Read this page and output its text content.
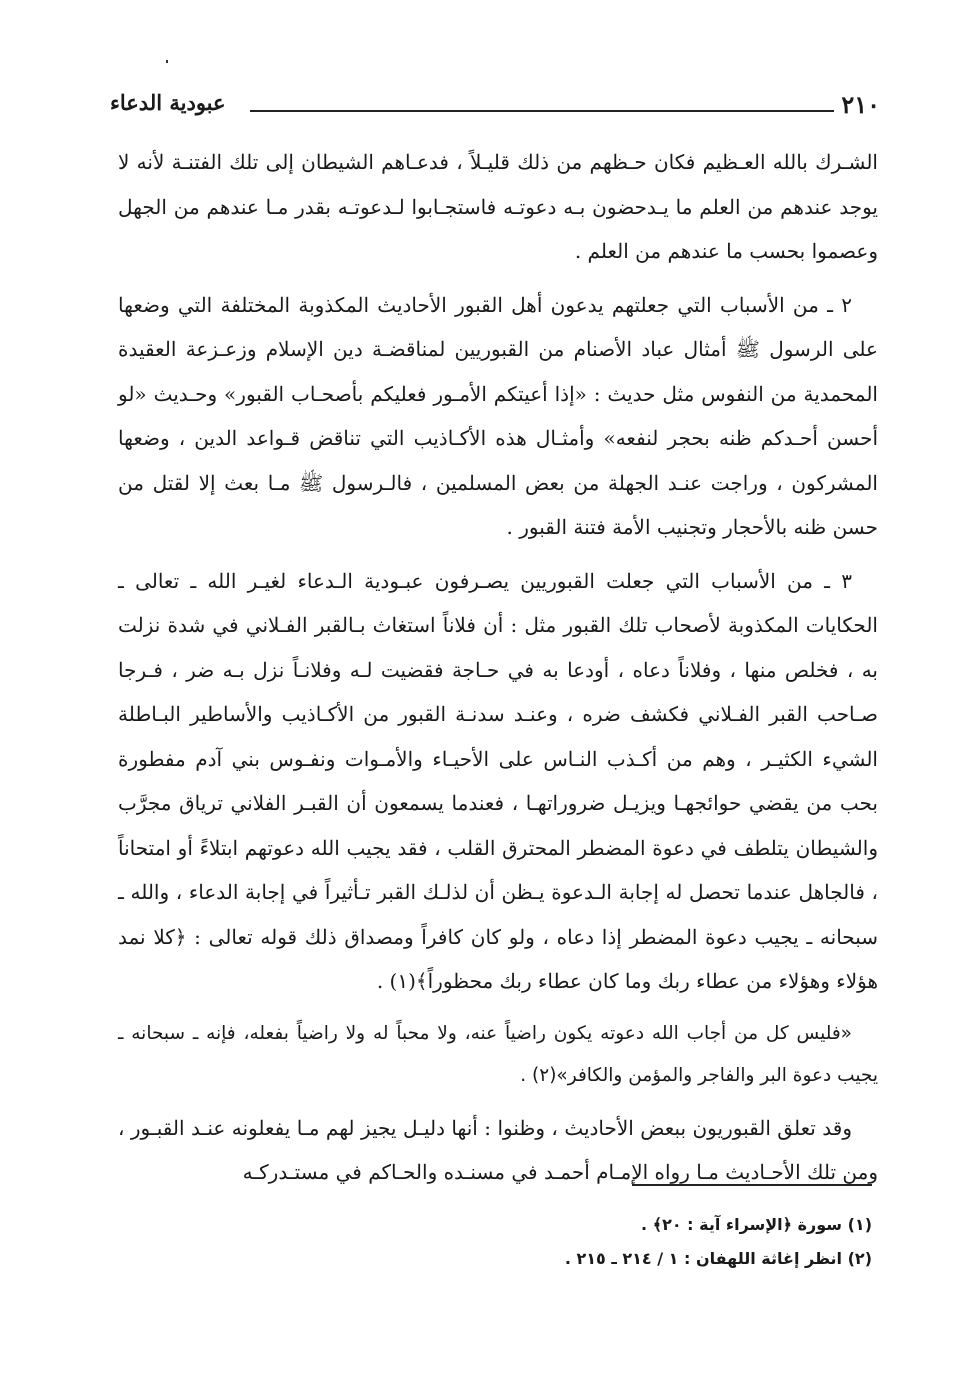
٢١٠
عبودية الدعاء

الشـرك بالله العـظيم فكان حـظهم من ذلك قليـلاً ، فدعـاهم الشيطان إلى تلك الفتنـة لأنه لا يوجد عندهم من العلم ما يـدحضون بـه دعوتـه فاستجـابوا لـدعوتـه بقدر مـا عندهم من الجهل وعصموا بحسب ما عندهم من العلم .

٢ ـ من الأسباب التي جعلتهم يدعون أهل القبور الأحاديث المكذوبة المختلفة التي وضعها على الرسول ﷺ أمثال عباد الأصنام من القبوريين لمناقضـة دين الإسلام وزعـزعة العقيدة المحمدية من النفوس مثل حديث : «إذا أعيتكم الأمـور فعليكم بأصحـاب القبور» وحـديث «لو أحسن أحـدكم ظنه بحجر لنفعه» وأمثـال هذه الأكـاذيب التي تناقض قـواعد الدين ، وضعها المشركون ، وراجت عنـد الجهلة من بعض المسلمين ، فالـرسول ﷺ مـا بعث إلا لقتل من حسن ظنه بالأحجار وتجنيب الأمة فتنة القبور .

٣ ـ من الأسباب التي جعلت القبوريين يصـرفون عبـودية الـدعاء لغيـر الله ـ تعالى ـ الحكايات المكذوبة لأصحاب تلك القبور مثل : أن فلاناً استغاث بـالقبر الفـلاني في شدة نزلت به ، فخلص منها ، وفلاناً دعاه ، أودعا به في حـاجة فقضيت لـه وفلانـاً نزل بـه ضر ، فـرجا صـاحب القبر الفـلاني فكشف ضره ، وعنـد سدنـة القبور من الأكـاذيب والأساطير البـاطلة الشيء الكثيـر ، وهم من أكـذب النـاس على الأحيـاء والأمـوات ونفـوس بني آدم مفطورة بحب من يقضي حوائجهـا ويزيـل ضروراتهـا ، فعندما يسمعون أن القبـر الفلاني ترياق مجرَّب والشيطان يتلطف في دعوة المضطر المحترق القلب ، فقد يجيب الله دعوتهم ابتلاءً أو امتحاناً ، فالجاهل عندما تحصل له إجابة الـدعوة يـظن أن لذلـك القبر تـأثيراً في إجابة الدعاء ، والله ـ سبحانه ـ يجيب دعوة المضطر إذا دعاه ، ولو كان كافراً ومصداق ذلك قوله تعالى : ﴿كلا نمد هؤلاء وهؤلاء من عطاء ربك وما كان عطاء ربك محظوراً﴾(١) .

«فليس كل من أجاب الله دعوته يكون راضياً عنه، ولا محباً له ولا راضياً بفعله، فإنه ـ سبحانه ـ يجيب دعوة البر والفاجر والمؤمن والكافر»(٢) .

وقد تعلق القبوريون ببعض الأحاديث ، وظنوا : أنها دليـل يجيز لهم مـا يفعلونه عنـد القبـور ، ومن تلك الأحـاديث مـا رواه الإمـام أحمـد في مسنـده والحـاكم في مستـدركـه

(١) سورة ﴿الإسراء آية : ٢٠﴾ .
(٢) انظر إغاثة اللهفان : ١ / ٢١٤ ـ ٢١٥ .
